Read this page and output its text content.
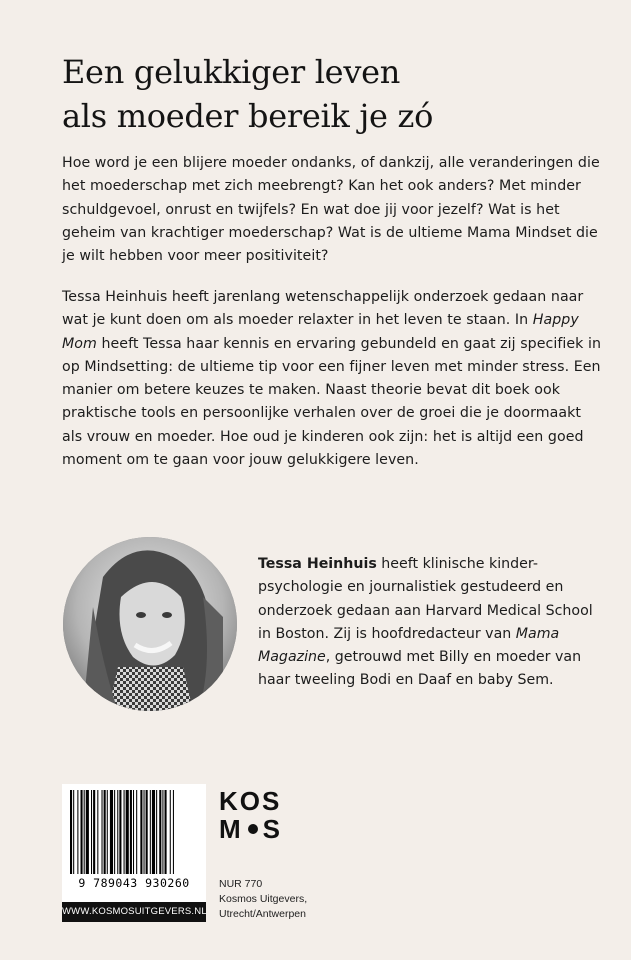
Een gelukkiger leven
als moeder bereik je zó

Hoe word je een blijere moeder ondanks, of dankzij, alle veranderingen die het moederschap met zich meebrengt? Kan het ook anders? Met minder schuldgevoel, onrust en twijfels? En wat doe jij voor jezelf? Wat is het geheim van krachtiger moederschap? Wat is de ultieme Mama Mindset die je wilt hebben voor meer positiviteit?

Tessa Heinhuis heeft jarenlang wetenschappelijk onderzoek gedaan naar wat je kunt doen om als moeder relaxter in het leven te staan. In Happy Mom heeft Tessa haar kennis en ervaring gebundeld en gaat zij specifiek in op Mindsetting: de ultieme tip voor een fijner leven met minder stress. Een manier om betere keuzes te maken. Naast theorie bevat dit boek ook praktische tools en persoonlijke verhalen over de groei die je doormaakt als vrouw en moeder. Hoe oud je kinderen ook zijn: het is altijd een goed moment om te gaan voor jouw gelukkigere leven.

Tessa Heinhuis heeft klinische kinder-psychologie en journalistiek gestudeerd en onderzoek gedaan aan Harvard Medical School in Boston. Zij is hoofdredacteur van Mama Magazine, getrouwd met Billy en moeder van haar tweeling Bodi en Daaf en baby Sem.

9 789043 930260
WWW.KOSMOSUITGEVERS.NL
KOS
M S
NUR 770
Kosmos Uitgevers,
Utrecht/Antwerpen
